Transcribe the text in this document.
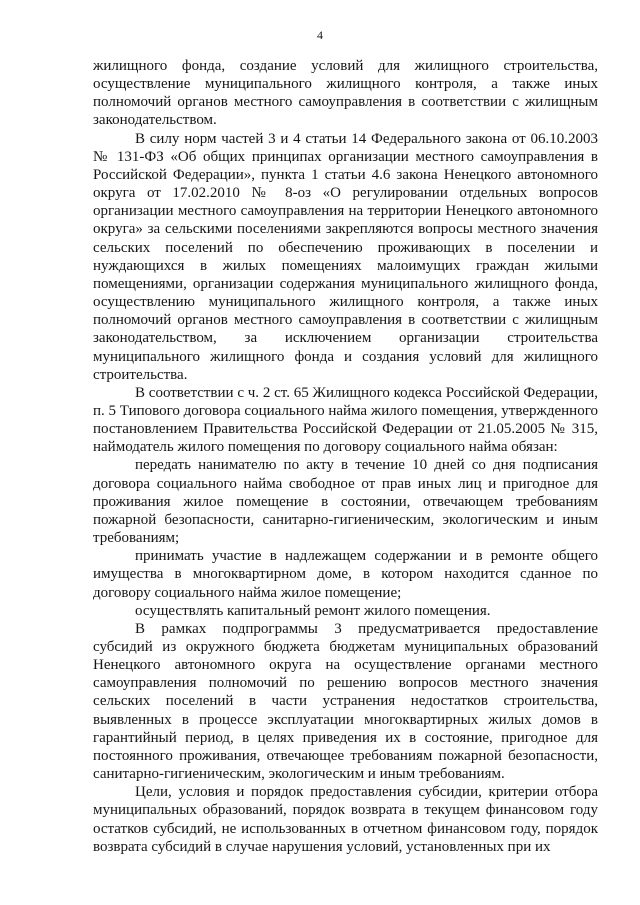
4

жилищного фонда, создание условий для жилищного строительства, осуществление муниципального жилищного контроля, а также иных полномочий органов местного самоуправления в соответствии с жилищным законодательством.

В силу норм частей 3 и 4 статьи 14 Федерального закона от 06.10.2003 № 131-ФЗ «Об общих принципах организации местного самоуправления в Российской Федерации», пункта 1 статьи 4.6 закона Ненецкого автономного округа от 17.02.2010 № 8-оз «О регулировании отдельных вопросов организации местного самоуправления на территории Ненецкого автономного округа» за сельскими поселениями закрепляются вопросы местного значения сельских поселений по обеспечению проживающих в поселении и нуждающихся в жилых помещениях малоимущих граждан жилыми помещениями, организации содержания муниципального жилищного фонда, осуществлению муниципального жилищного контроля, а также иных полномочий органов местного самоуправления в соответствии с жилищным законодательством, за исключением организации строительства муниципального жилищного фонда и создания условий для жилищного строительства.

В соответствии с ч. 2 ст. 65 Жилищного кодекса Российской Федерации, п. 5 Типового договора социального найма жилого помещения, утвержденного постановлением Правительства Российской Федерации от 21.05.2005 № 315, наймодатель жилого помещения по договору социального найма обязан:

передать нанимателю по акту в течение 10 дней со дня подписания договора социального найма свободное от прав иных лиц и пригодное для проживания жилое помещение в состоянии, отвечающем требованиям пожарной безопасности, санитарно-гигиеническим, экологическим и иным требованиям;

принимать участие в надлежащем содержании и в ремонте общего имущества в многоквартирном доме, в котором находится сданное по договору социального найма жилое помещение;

осуществлять капитальный ремонт жилого помещения.

В рамках подпрограммы 3 предусматривается предоставление субсидий из окружного бюджета бюджетам муниципальных образований Ненецкого автономного округа на осуществление органами местного самоуправления полномочий по решению вопросов местного значения сельских поселений в части устранения недостатков строительства, выявленных в процессе эксплуатации многоквартирных жилых домов в гарантийный период, в целях приведения их в состояние, пригодное для постоянного проживания, отвечающее требованиям пожарной безопасности, санитарно-гигиеническим, экологическим и иным требованиям.

Цели, условия и порядок предоставления субсидии, критерии отбора муниципальных образований, порядок возврата в текущем финансовом году остатков субсидий, не использованных в отчетном финансовом году, порядок возврата субсидий в случае нарушения условий, установленных при их
